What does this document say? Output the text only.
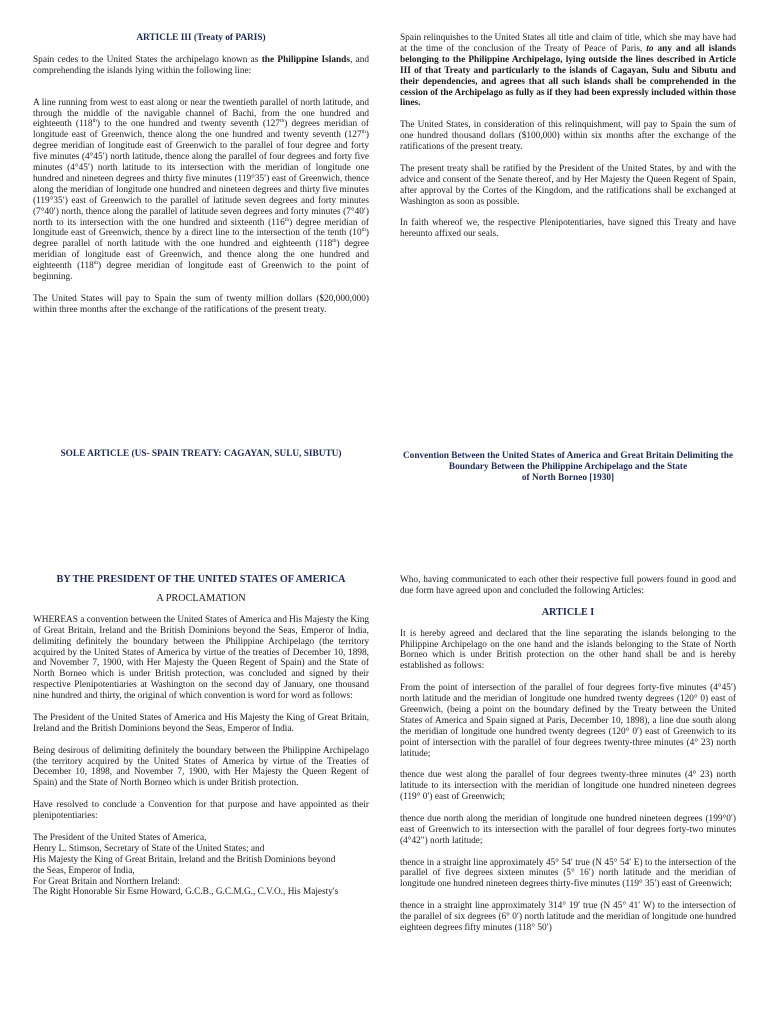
ARTICLE III (Treaty of PARIS)

Spain cedes to the United States the archipelago known as the Philippine Islands, and comprehending the islands lying within the following line:

A line running from west to east along or near the twentieth parallel of north latitude, and through the middle of the navigable channel of Bachi, from the one hundred and eighteenth (118th) to the one hundred and twenty seventh (127th) degrees meridian of longitude east of Greenwich, thence along the one hundred and twenty seventh (127th) degree meridian of longitude east of Greenwich to the parallel of four degree and forty five minutes (4°45′) north latitude, thence along the parallel of four degrees and forty five minutes (4°45′) north latitude to its intersection with the meridian of longitude one hundred and nineteen degrees and thirty five minutes (119°35′) east of Greenwich, thence along the meridian of longitude one hundred and nineteen degrees and thirty five minutes (119°35′) east of Greenwich to the parallel of latitude seven degrees and forty minutes (7°40′) north, thence along the parallel of latitude seven degrees and forty minutes (7°40′) north to its intersection with the one hundred and sixteenth (116th) degree meridian of longitude east of Greenwich, thence by a direct line to the intersection of the tenth (10th) degree parallel of north latitude with the one hundred and eighteenth (118th) degree meridian of longitude east of Greenwich, and thence along the one hundred and eighteenth (118th) degree meridian of longitude east of Greenwich to the point of beginning.

The United States will pay to Spain the sum of twenty million dollars ($20,000,000) within three months after the exchange of the ratifications of the present treaty.

Spain relinquishes to the United States all title and claim of title, which she may have had at the time of the conclusion of the Treaty of Peace of Paris, to any and all islands belonging to the Philippine Archipelago, lying outside the lines described in Article III of that Treaty and particularly to the islands of Cagayan, Sulu and Sibutu and their dependencies, and agrees that all such islands shall be comprehended in the cession of the Archipelago as fully as if they had been expressly included within those lines.

The United States, in consideration of this relinquishment, will pay to Spain the sum of one hundred thousand dollars ($100,000) within six months after the exchange of the ratifications of the present treaty.

The present treaty shall be ratified by the President of the United States, by and with the advice and consent of the Senate thereof, and by Her Majesty the Queen Regent of Spain, after approval by the Cortes of the Kingdom, and the ratifications shall be exchanged at Washington as soon as possible.

In faith whereof we, the respective Plenipotentiaries, have signed this Treaty and have hereunto affixed our seals.

SOLE ARTICLE (US- SPAIN TREATY: CAGAYAN, SULU, SIBUTU)	Convention Between the United States of America and Great Britain Delimiting the Boundary Between the Philippine Archipelago and the State

of North Borneo [1930]

BY THE PRESIDENT OF THE UNITED STATES OF AMERICA

A PROCLAMATION

WHEREAS a convention between the United States of America and His Majesty the King of Great Britain, Ireland and the British Dominions beyond the Seas, Emperor of India, delimiting definitely the boundary between the Philippine Archipelago (the territory acquired by the United States of America by virtue of the treaties of December 10, 1898, and November 7, 1900, with Her Majesty the Queen Regent of Spain) and the State of North Borneo which is under British protection, was concluded and signed by their respective Plenipotentiaries at Washington on the second day of January, one thousand nine hundred and thirty, the original of which convention is word for word as follows:

The President of the United States of America and His Majesty the King of Great Britain, Ireland and the British Dominions beyond the Seas, Emperor of India.

Being desirous of delimiting definitely the boundary between the Philippine Archipelago (the territory acquired by the United States of America by virtue of the Treaties of December 10, 1898, and November 7, 1900, with Her Majesty the Queen Regent of Spain) and the State of North Borneo which is under British protection.

Have resolved to conclude a Convention for that purpose and have appointed as their plenipotentiaries:

The President of the United States of America,
Henry L. Stimson, Secretary of State of the United States; and
His Majesty the King of Great Britain, Ireland and the British Dominions beyond
the Seas, Emperor of India,
For Great Britain and Northern Ireland:
The Right Honorable Sir Esme Howard, G.C.B., G.C.M.G., C.V.O., His Majesty's

Who, having communicated to each other their respective full powers found in good and due form have agreed upon and concluded the following Articles:

ARTICLE I

It is hereby agreed and declared that the line separating the islands belonging to the Philippine Archipelago on the one hand and the islands belonging to the State of North Borneo which is under British protection on the other hand shall be and is hereby established as follows:

From the point of intersection of the parallel of four degrees forty-five minutes (4°45′) north latitude and the meridian of longitude one hundred twenty degrees (120° 0) east of Greenwich, (being a point on the boundary defined by the Treaty between the United States of America and Spain signed at Paris, December 10, 1898), a line due south along the meridian of longitude one hundred twenty degrees (120° 0′) east of Greenwich to its point of intersection with the parallel of four degrees twenty-three minutes (4° 23) north latitude;

thence due west along the parallel of four degrees twenty-three minutes (4° 23) north latitude to its intersection with the meridian of longitude one hundred nineteen degrees (119° 0′) east of Greenwich;

thence due north along the meridian of longitude one hundred nineteen degrees (199°0′) east of Greenwich to its intersection with the parallel of four degrees forty-two minutes (4°42″) north latitude;

thence in a straight line approximately 45° 54′ true (N 45° 54′ E) to the intersection of the parallel of five degrees sixteen minutes (5° 16′) north latitude and the meridian of longitude one hundred nineteen degrees thirty-five minutes (119° 35′) east of Greenwich;

thence in a straight line approximately 314° 19′ true (N 45° 41′ W) to the intersection of the parallel of six degrees (6° 0′) north latitude and the meridian of longitude one hundred eighteen degrees fifty minutes (118° 50′)
